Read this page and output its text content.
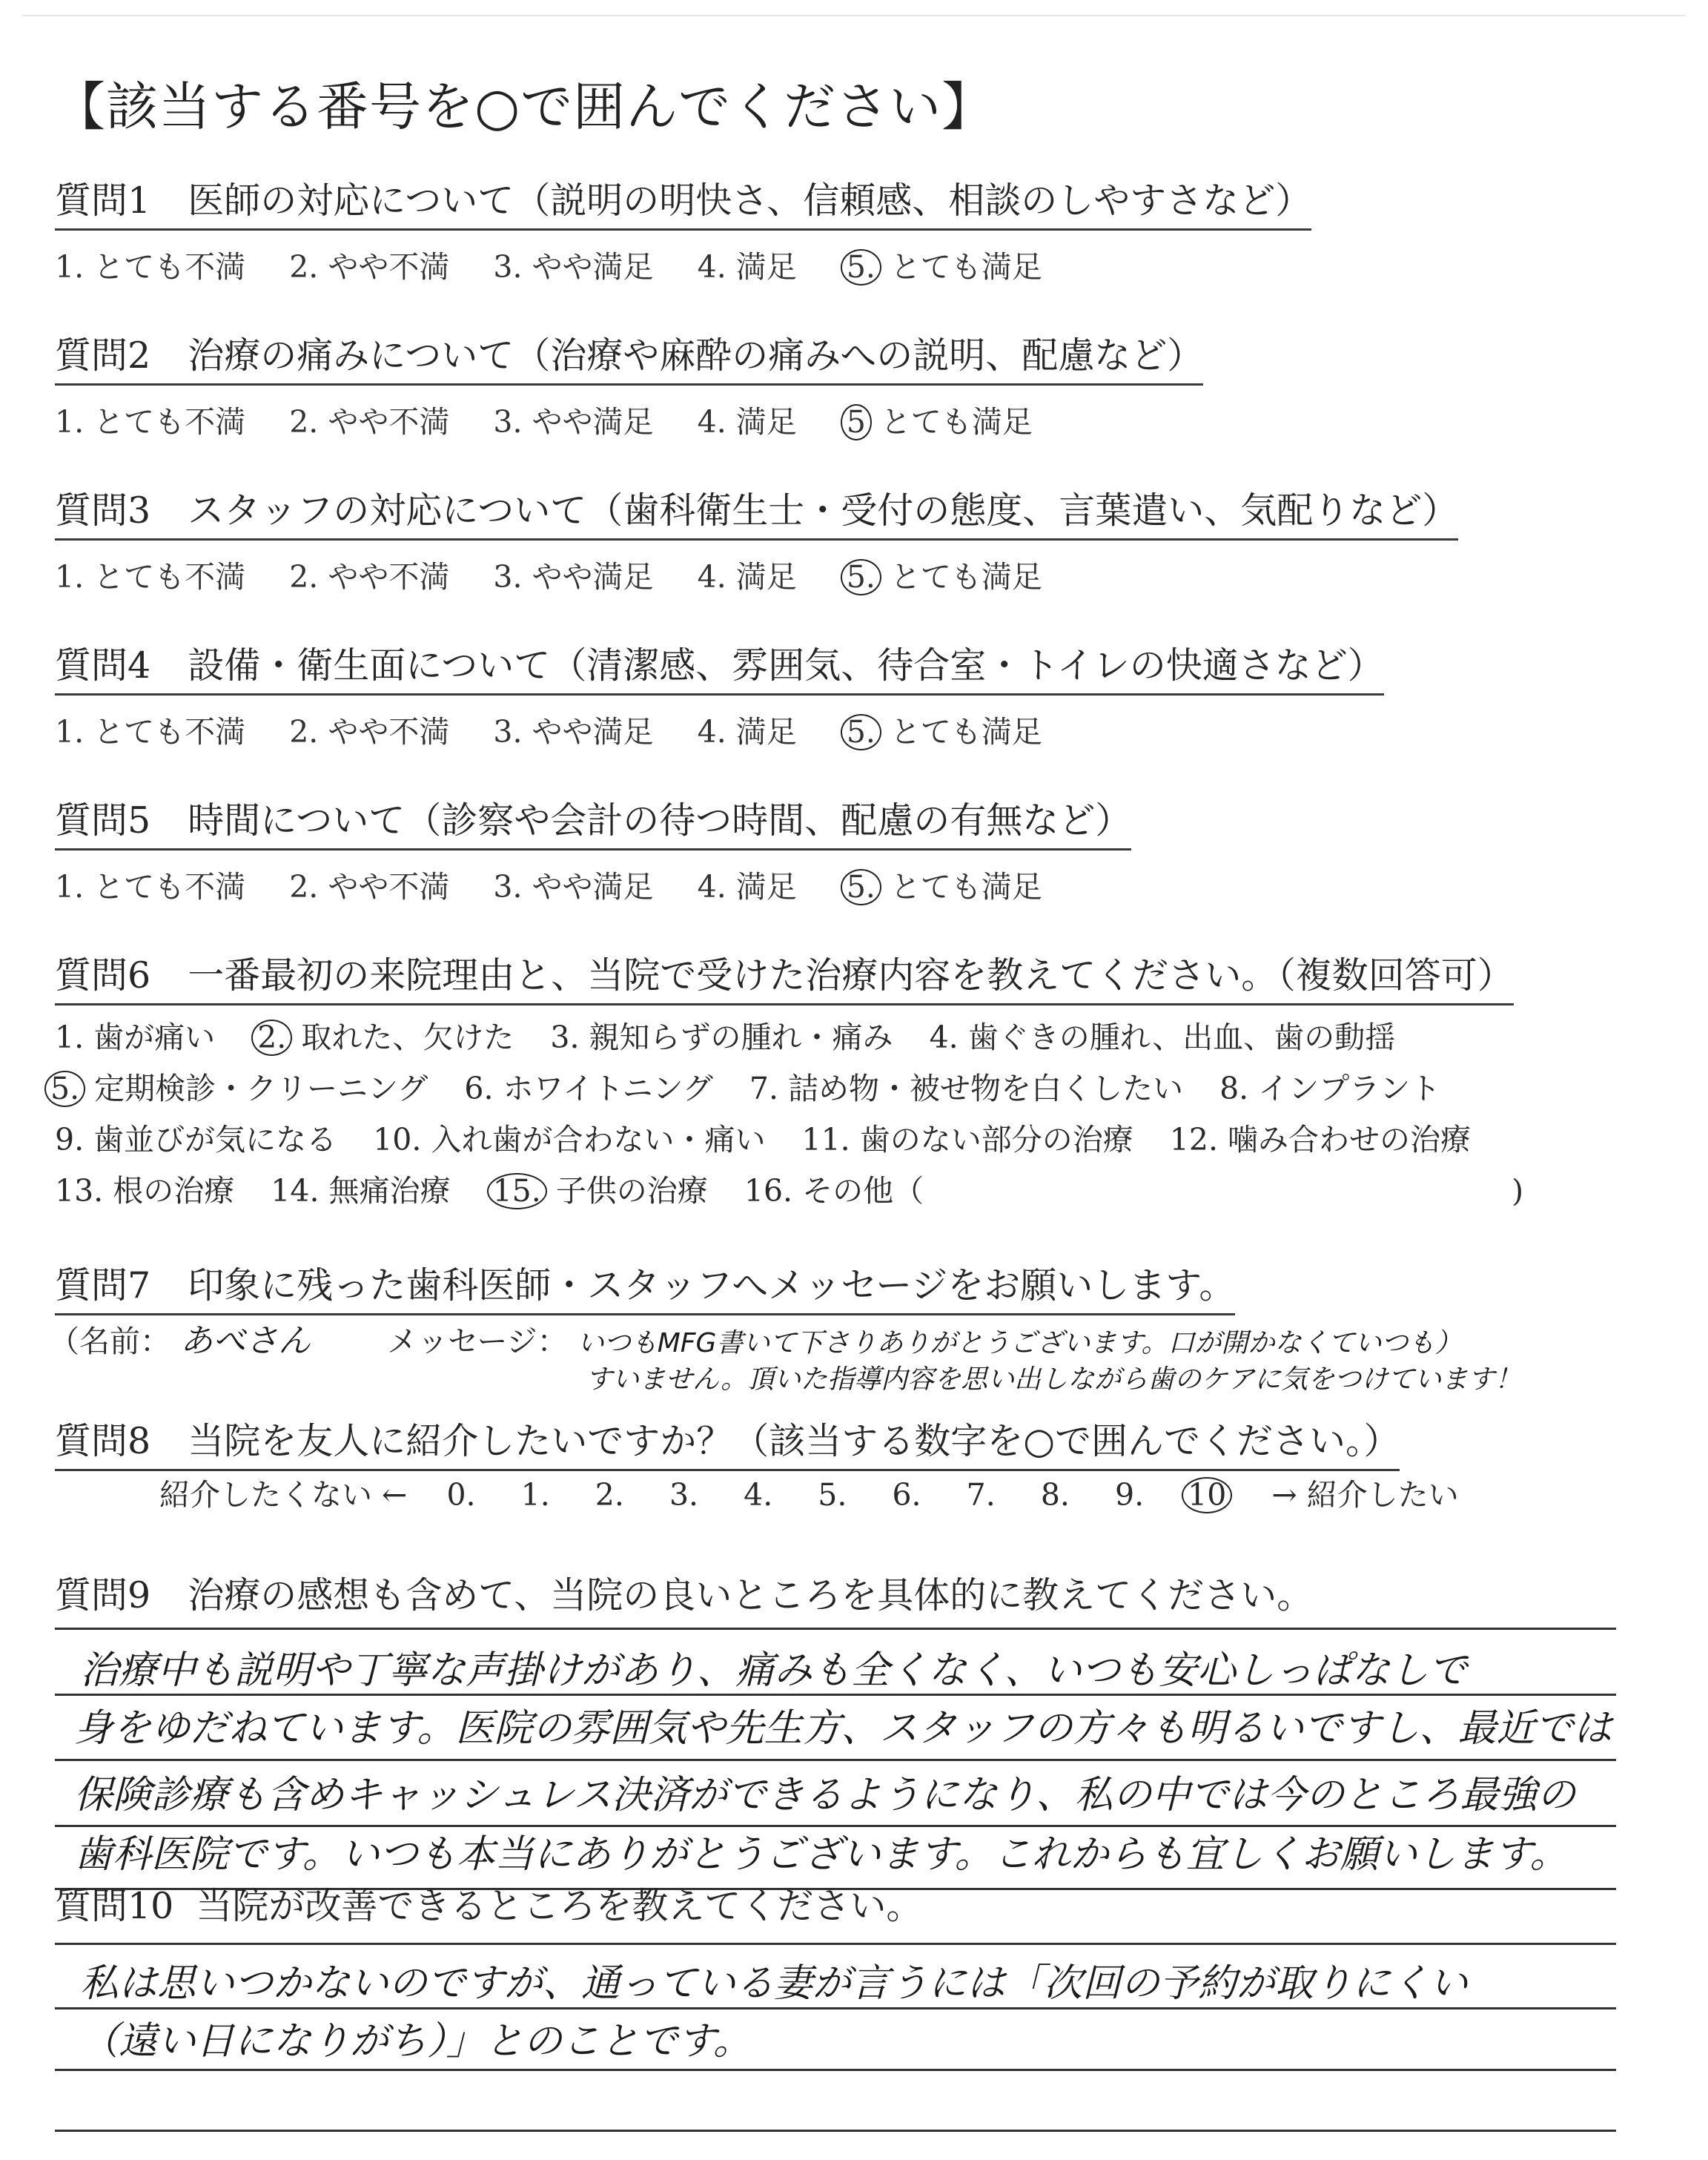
【該当する番号を○で囲んでください】
質問1 医師の対応について（説明の明快さ、信頼感、相談のしやすさなど）
1. とても不満 2. やや不満 3. やや満足 4. 満足 5. とても満足
質問2 治療の痛みについて（治療や麻酔の痛みへの説明、配慮など）
1. とても不満 2. やや不満 3. やや満足 4. 満足 5 とても満足
質問3 スタッフの対応について（歯科衛生士・受付の態度、言葉遣い、気配りなど）
1. とても不満 2. やや不満 3. やや満足 4. 満足 5. とても満足
質問4 設備・衛生面について（清潔感、雰囲気、待合室・トイレの快適さなど）
1. とても不満 2. やや不満 3. やや満足 4. 満足 5. とても満足
質問5 時間について（診察や会計の待つ時間、配慮の有無など）
1. とても不満 2. やや不満 3. やや満足 4. 満足 5. とても満足
質問6 一番最初の来院理由と、当院で受けた治療内容を教えてください。（複数回答可）
1. 歯が痛い 2. 取れた、欠けた 3. 親知らずの腫れ・痛み 4. 歯ぐきの腫れ、出血、歯の動揺
5. 定期検診・クリーニング 6. ホワイトニング 7. 詰め物・被せ物を白くしたい 8. インプラント
9. 歯並びが気になる 10. 入れ歯が合わない・痛い 11. 歯のない部分の治療 12. 噛み合わせの治療
13. 根の治療 14. 無痛治療 15. 子供の治療 16. その他（	)
質問7 印象に残った歯科医師・スタッフへメッセージをお願いします。
（名前： あべさん	メッセージ： いつもMFG書いて下さりありがとうございます。口が開かなくていつも）
すいません。頂いた指導内容を思い出しながら歯のケアに気をつけています！
質問8 当院を友人に紹介したいですか？（該当する数字を○で囲んでください。）
紹介したくない ← 0. 1. 2. 3. 4. 5. 6. 7. 8. 9. 10 → 紹介したい
質問9 治療の感想も含めて、当院の良いところを具体的に教えてください。
治療中も説明や丁寧な声掛けがあり、痛みも全くなく、いつも安心しっぱなしで
身をゆだねています。医院の雰囲気や先生方、スタッフの方々も明るいですし、最近では
保険診療も含めキャッシュレス決済ができるようになり、私の中では今のところ最強の
歯科医院です。いつも本当にありがとうございます。これからも宜しくお願いします。
質問10 当院が改善できるところを教えてください。
私は思いつかないのですが、通っている妻が言うには「次回の予約が取りにくい
（遠い日になりがち）」とのことです。
